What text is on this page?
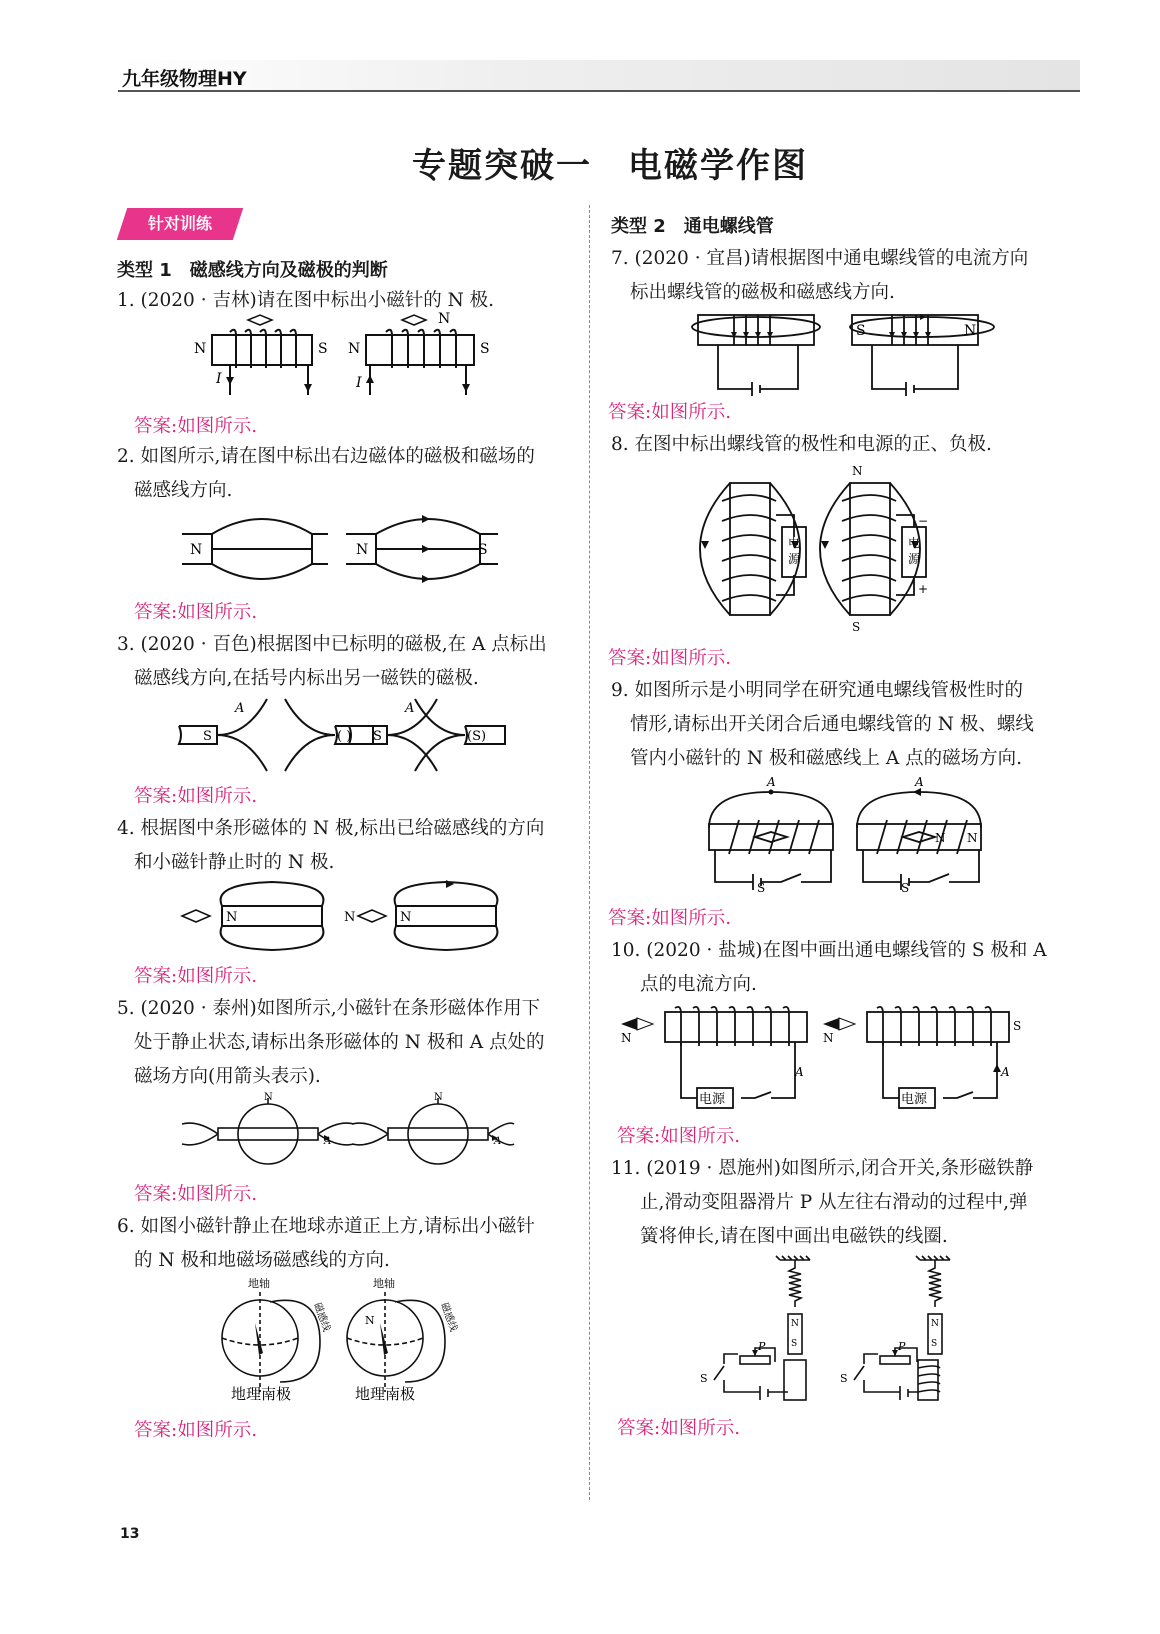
九年级物理HY
专题突破一　电磁学作图
针对训练
类型 1　磁感线方向及磁极的判断
1. (2020 · 吉林)请在图中标出小磁针的 N 极.
N	S N	S
N
I	I
答案:如图所示.
2. 如图所示,请在图中标出右边磁体的磁极和磁场的
磁感线方向.
N	N	S
答案:如图所示.
3. (2020 · 百色)根据图中已标明的磁极,在 A 点标出
磁感线方向,在括号内标出另一磁铁的磁极.
A	A
S	( ) S	(S)
答案:如图所示.
4. 根据图中条形磁体的 N 极,标出已给磁感线的方向
和小磁针静止时的 N 极.
N	N
N
答案:如图所示.
5. (2020 · 泰州)如图所示,小磁针在条形磁体作用下
处于静止状态,请标出条形磁体的 N 极和 A 点处的
磁场方向(用箭头表示).
N	N
A	A
答案:如图所示.
6. 如图小磁针静止在地球赤道正上方,请标出小磁针
的 N 极和地磁场磁感线的方向.
地轴	地轴
磁感线	磁感线
N
地理南极	地理南极
答案:如图所示.
类型 2　通电螺线管
7. (2020 · 宜昌)请根据图中通电螺线管的电流方向
标出螺线管的磁极和磁感线方向.
S	N
答案:如图所示.
8. 在图中标出螺线管的极性和电源的正、负极.
电
源
电
源
N
S
−
+
答案:如图所示.
9. 如图所示是小明同学在研究通电螺线管极性时的
情形,请标出开关闭合后通电螺线管的 N 极、螺线
管内小磁针的 N 极和磁感线上 A 点的磁场方向.
A	A
S	S
N N
答案:如图所示.
10. (2020 · 盐城)在图中画出通电螺线管的 S 极和 A
点的电流方向.
N	N
S
A	A
电源	电源
答案:如图所示.
11. (2019 · 恩施州)如图所示,闭合开关,条形磁铁静
止,滑动变阻器滑片 P 从左往右滑动的过程中,弹
簧将伸长,请在图中画出电磁铁的线圈.
N
S
N
S
P	P
S	S
答案:如图所示.
13
